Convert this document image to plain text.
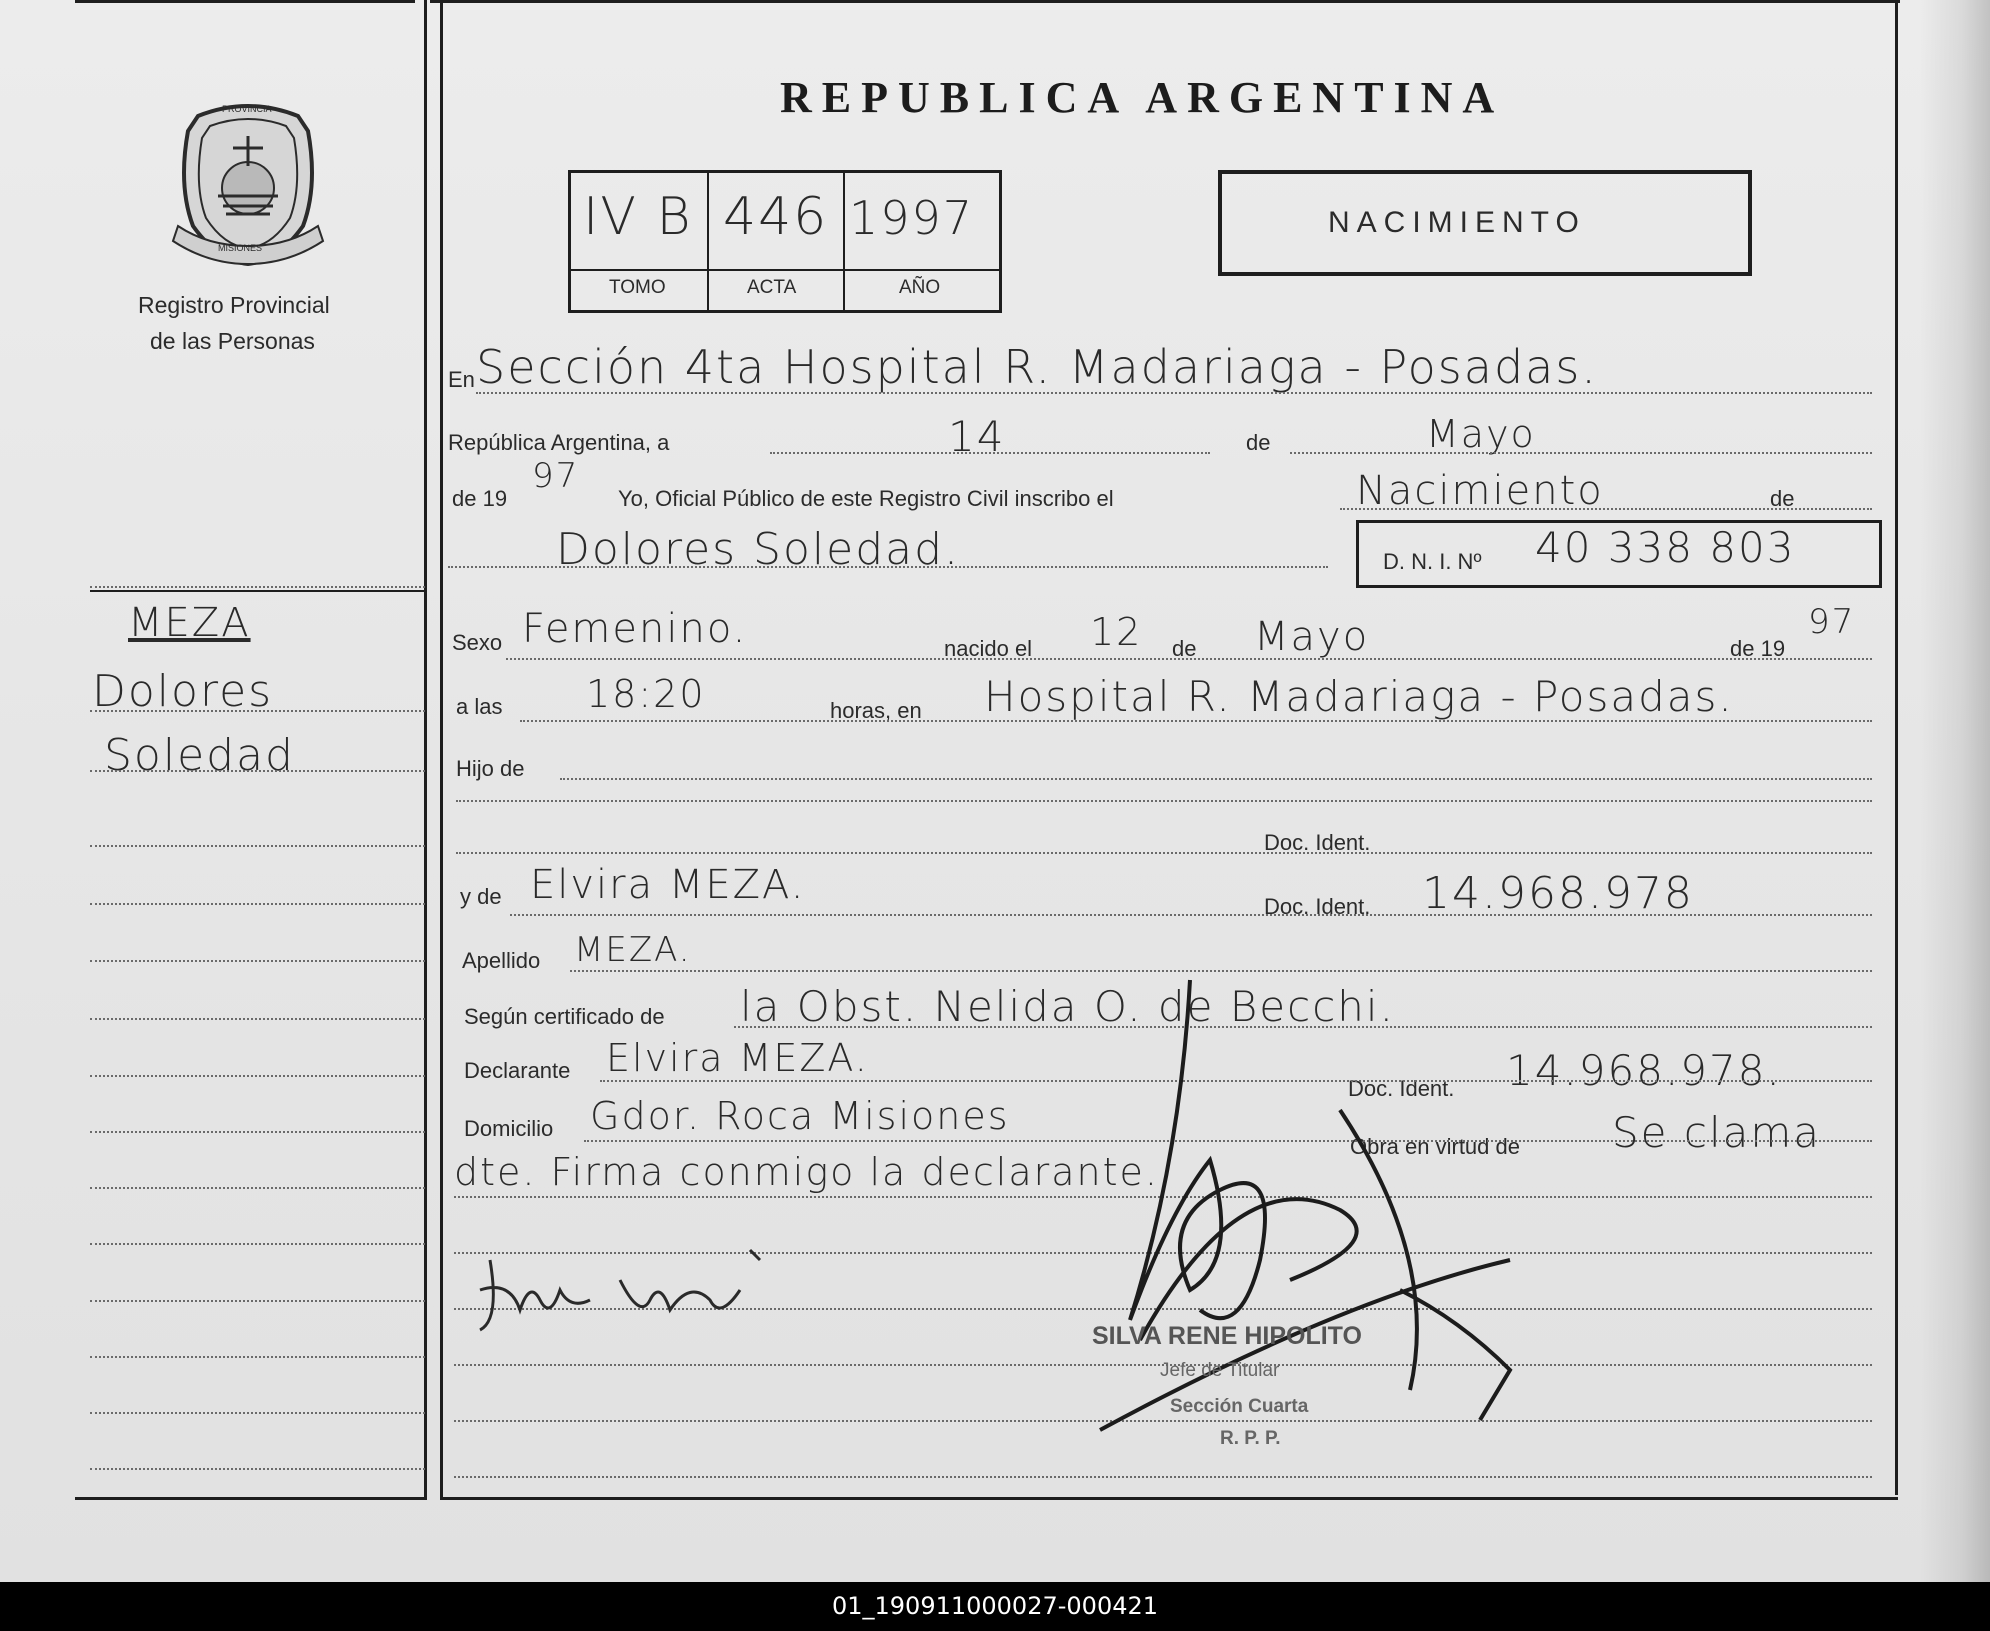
PROVINCIA
MISIONES
Registro Provincial
de las Personas
REPUBLICA ARGENTINA
IV B 446 1997
TOMO	ACTA	AÑO
NACIMIENTO
MEZA
Dolores
Soledad
En Sección 4ta Hospital R. Madariaga - Posadas.
República Argentina, a	14	de	Mayo
de 19
97
Yo, Oficial Público de este Registro Civil inscribo el	Nacimiento	de
Dolores Soledad.	D. N. I. Nº 40 338 803
Sexo Femenino.	nacido el 12 de Mayo	de 19
97
a las 18:20	horas, en Hospital R. Madariaga - Posadas.
Hijo de
Doc. Ident.
y de Elvira MEZA.	Doc. Ident. 14.968.978
Apellido MEZA.
Según certificado de la Obst. Nelida O. de Becchi.
Declarante Elvira MEZA.
Doc. Ident. 14.968.978.
Domicilio Gdor. Roca Misiones
Obra en virtud de Se clama
dte. Firma conmigo la declarante.
SILVA RENE HIPOLITO
Jefe de Titular
Sección Cuarta
R. P. P.
01_190911000027-000421
